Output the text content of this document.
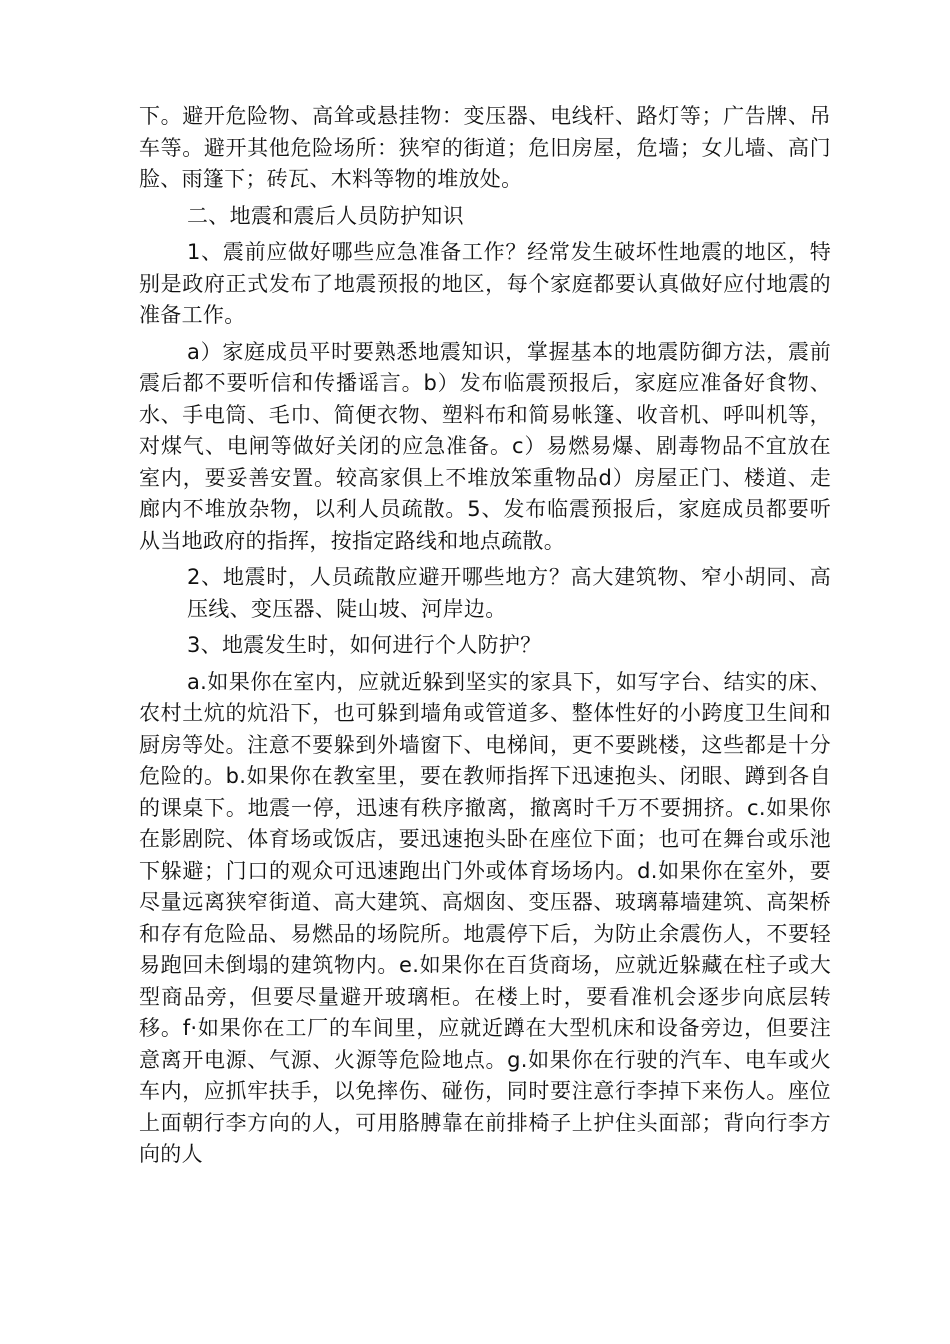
下。避开危险物、高耸或悬挂物：变压器、电线杆、路灯等；广告牌、吊车等。避开其他危险场所：狭窄的街道；危旧房屋，危墙；女儿墙、高门脸、雨篷下；砖瓦、木料等物的堆放处。

二、地震和震后人员防护知识

1、震前应做好哪些应急准备工作？经常发生破坏性地震的地区，特别是政府正式发布了地震预报的地区，每个家庭都要认真做好应付地震的准备工作。

a）家庭成员平时要熟悉地震知识，掌握基本的地震防御方法，震前震后都不要听信和传播谣言。b）发布临震预报后，家庭应准备好食物、水、手电筒、毛巾、简便衣物、塑料布和简易帐篷、收音机、呼叫机等，对煤气、电闸等做好关闭的应急准备。c）易燃易爆、剧毒物品不宜放在室内，要妥善安置。较高家俱上不堆放笨重物品d）房屋正门、楼道、走廊内不堆放杂物，以利人员疏散。5、发布临震预报后，家庭成员都要听从当地政府的指挥，按指定路线和地点疏散。

2、地震时，人员疏散应避开哪些地方？高大建筑物、窄小胡同、高压线、变压器、陡山坡、河岸边。

3、地震发生时，如何进行个人防护？

a.如果你在室内，应就近躲到坚实的家具下，如写字台、结实的床、农村土炕的炕沿下，也可躲到墙角或管道多、整体性好的小跨度卫生间和厨房等处。注意不要躲到外墙窗下、电梯间，更不要跳楼，这些都是十分危险的。b.如果你在教室里，要在教师指挥下迅速抱头、闭眼、蹲到各自的课桌下。地震一停，迅速有秩序撤离，撤离时千万不要拥挤。c.如果你在影剧院、体育场或饭店，要迅速抱头卧在座位下面；也可在舞台或乐池下躲避；门口的观众可迅速跑出门外或体育场场内。d.如果你在室外，要尽量远离狭窄街道、高大建筑、高烟囱、变压器、玻璃幕墙建筑、高架桥和存有危险品、易燃品的场院所。地震停下后，为防止余震伤人，不要轻易跑回未倒塌的建筑物内。e.如果你在百货商场，应就近躲藏在柱子或大型商品旁，但要尽量避开玻璃柜。在楼上时，要看准机会逐步向底层转移。f·如果你在工厂的车间里，应就近蹲在大型机床和设备旁边，但要注意离开电源、气源、火源等危险地点。g.如果你在行驶的汽车、电车或火车内，应抓牢扶手，以免摔伤、碰伤，同时要注意行李掉下来伤人。座位上面朝行李方向的人，可用胳膊靠在前排椅子上护住头面部；背向行李方向的人
